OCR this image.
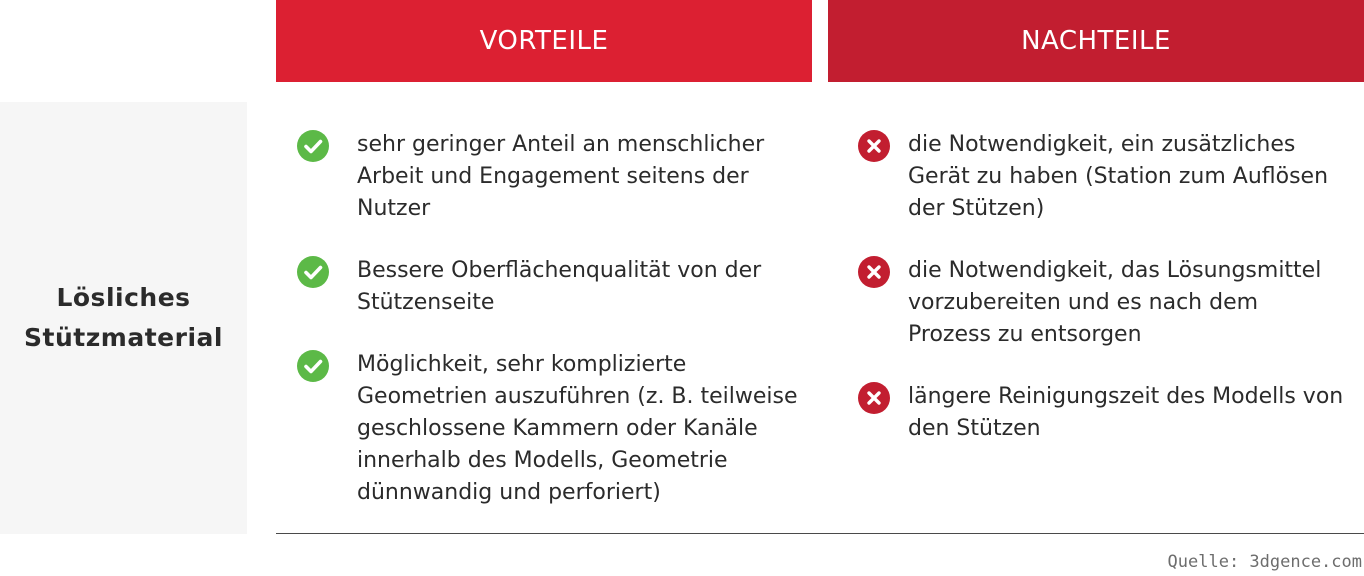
VORTEILE	NACHTEILE
Lösliches
Stützmaterial
sehr geringer Anteil an menschlicher
Arbeit und Engagement seitens der
Nutzer
Bessere Oberflächenqualität von der
Stützenseite
Möglichkeit, sehr komplizierte
Geometrien auszuführen (z. B. teilweise
geschlossene Kammern oder Kanäle
innerhalb des Modells, Geometrie
dünnwandig und perforiert)
die Notwendigkeit, ein zusätzliches
Gerät zu haben (Station zum Auflösen
der Stützen)
die Notwendigkeit, das Lösungsmittel
vorzubereiten und es nach dem
Prozess zu entsorgen
längere Reinigungszeit des Modells von
den Stützen
Quelle: 3dgence.com
